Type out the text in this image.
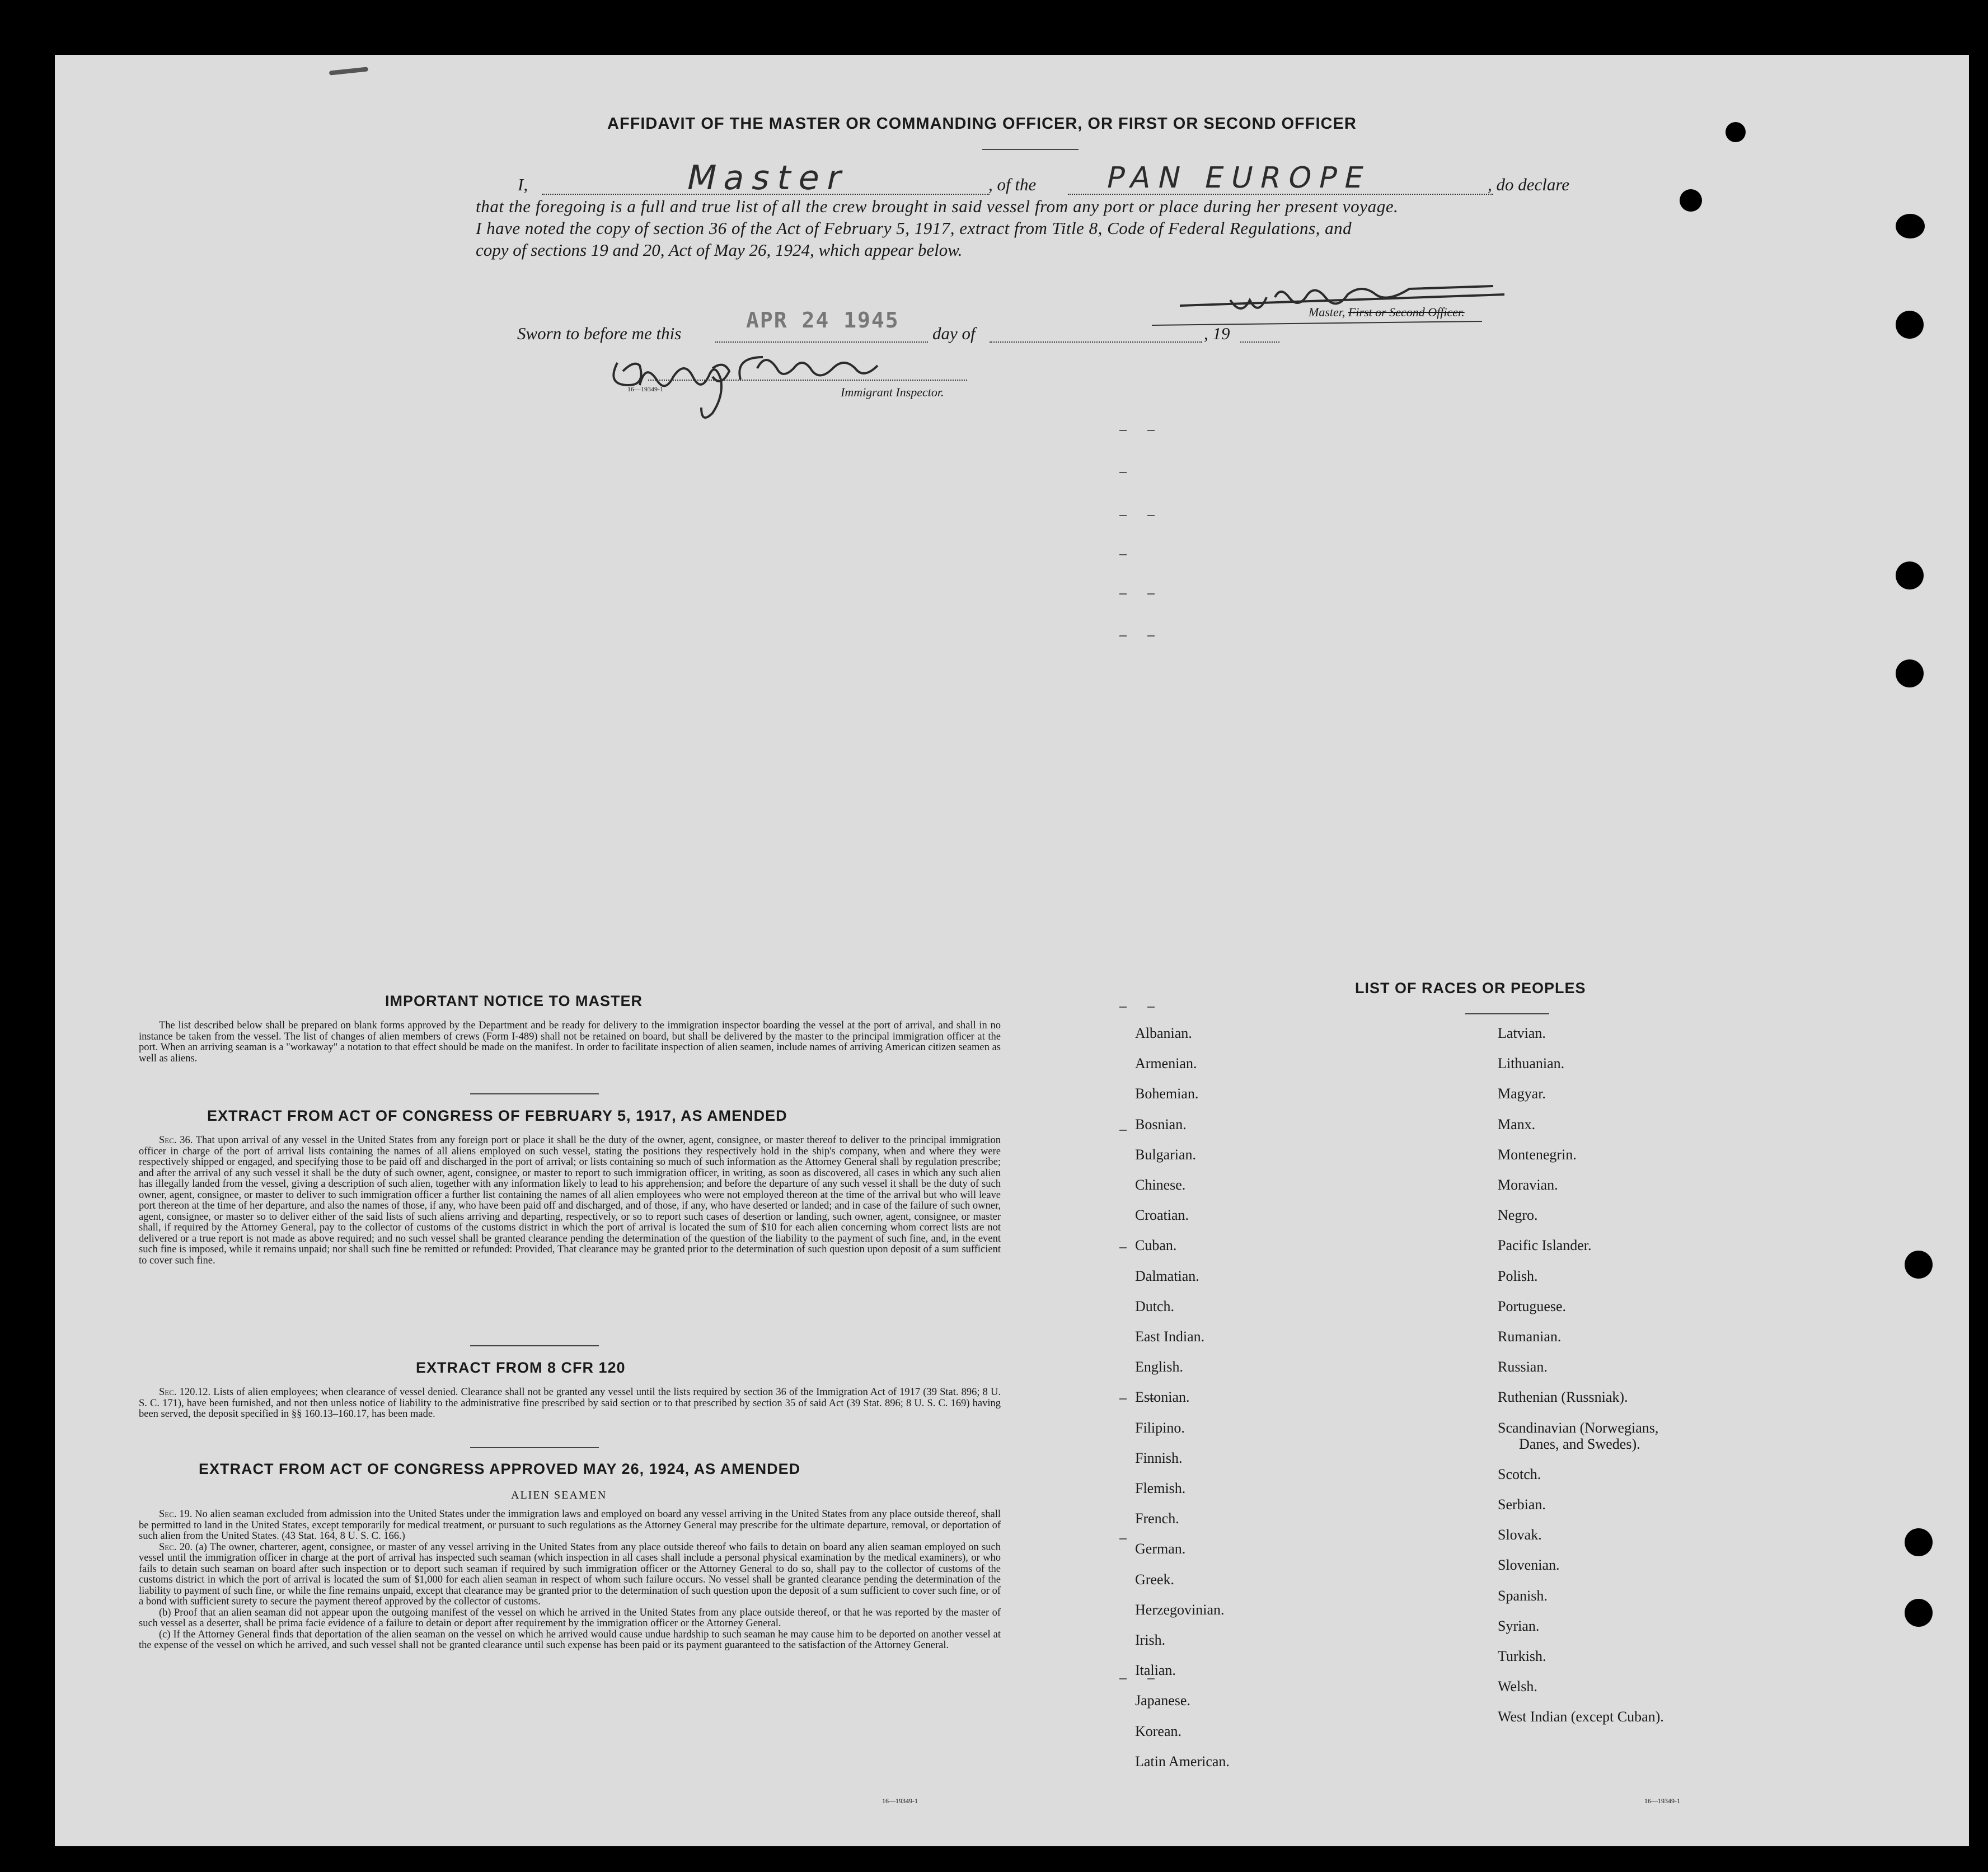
AFFIDAVIT OF THE MASTER OR COMMANDING OFFICER, OR FIRST OR SECOND OFFICER
I,	Master	, of the PAN EUROPE	, do declare
that the foregoing is a full and true list of all the crew brought in said vessel from any port or place during her present voyage.
I have noted the copy of section 36 of the Act of February 5, 1917, extract from Title 8, Code of Federal Regulations, and
copy of sections 19 and 20, Act of May 26, 1924, which appear below.
Master, First or Second Officer.
Sworn to before me this
APR 24 1945
day of	, 19
16—19349-1	Immigrant Inspector.
IMPORTANT NOTICE TO MASTER
The list described below shall be prepared on blank forms approved by the Department and be ready for delivery to the immigration inspector boarding the vessel at the port of arrival, and shall in no instance be taken from the vessel. The list of changes of alien members of crews (Form I-489) shall not be retained on board, but shall be delivered by the master to the principal immigration officer at the port. When an arriving seaman is a "workaway" a notation to that effect should be made on the manifest. In order to facilitate inspection of alien seamen, include names of arriving American citizen seamen as well as aliens.
EXTRACT FROM ACT OF CONGRESS OF FEBRUARY 5, 1917, AS AMENDED
Sec. 36. That upon arrival of any vessel in the United States from any foreign port or place it shall be the duty of the owner, agent, consignee, or master thereof to deliver to the principal immigration officer in charge of the port of arrival lists containing the names of all aliens employed on such vessel, stating the positions they respectively hold in the ship's company, when and where they were respectively shipped or engaged, and specifying those to be paid off and discharged in the port of arrival; or lists containing so much of such information as the Attorney General shall by regulation prescribe; and after the arrival of any such vessel it shall be the duty of such owner, agent, consignee, or master to report to such immigration officer, in writing, as soon as discovered, all cases in which any such alien has illegally landed from the vessel, giving a description of such alien, together with any information likely to lead to his apprehension; and before the departure of any such vessel it shall be the duty of such owner, agent, consignee, or master to deliver to such immigration officer a further list containing the names of all alien employees who were not employed thereon at the time of the arrival but who will leave port thereon at the time of her departure, and also the names of those, if any, who have been paid off and discharged, and of those, if any, who have deserted or landed; and in case of the failure of such owner, agent, consignee, or master so to deliver either of the said lists of such aliens arriving and departing, respectively, or so to report such cases of desertion or landing, such owner, agent, consignee, or master shall, if required by the Attorney General, pay to the collector of customs of the customs district in which the port of arrival is located the sum of $10 for each alien concerning whom correct lists are not delivered or a true report is not made as above required; and no such vessel shall be granted clearance pending the determination of the question of the liability to the payment of such fine, and, in the event such fine is imposed, while it remains unpaid; nor shall such fine be remitted or refunded: Provided, That clearance may be granted prior to the determination of such question upon deposit of a sum sufficient to cover such fine.
EXTRACT FROM 8 CFR 120
Sec. 120.12. Lists of alien employees; when clearance of vessel denied. Clearance shall not be granted any vessel until the lists required by section 36 of the Immigration Act of 1917 (39 Stat. 896; 8 U. S. C. 171), have been furnished, and not then unless notice of liability to the administrative fine prescribed by said section or to that prescribed by section 35 of said Act (39 Stat. 896; 8 U. S. C. 169) having been served, the deposit specified in §§ 160.13–160.17, has been made.
EXTRACT FROM ACT OF CONGRESS APPROVED MAY 26, 1924, AS AMENDED
ALIEN SEAMEN
Sec. 19. No alien seaman excluded from admission into the United States under the immigration laws and employed on board any vessel arriving in the United States from any place outside thereof, shall be permitted to land in the United States, except temporarily for medical treatment, or pursuant to such regulations as the Attorney General may prescribe for the ultimate departure, removal, or deportation of such alien from the United States. (43 Stat. 164, 8 U. S. C. 166.)
Sec. 20. (a) The owner, charterer, agent, consignee, or master of any vessel arriving in the United States from any place outside thereof who fails to detain on board any alien seaman employed on such vessel until the immigration officer in charge at the port of arrival has inspected such seaman (which inspection in all cases shall include a personal physical examination by the medical examiners), or who fails to detain such seaman on board after such inspection or to deport such seaman if required by such immigration officer or the Attorney General to do so, shall pay to the collector of customs of the customs district in which the port of arrival is located the sum of $1,000 for each alien seaman in respect of whom such failure occurs. No vessel shall be granted clearance pending the determination of the liability to payment of such fine, or while the fine remains unpaid, except that clearance may be granted prior to the determination of such question upon the deposit of a sum sufficient to cover such fine, or of a bond with sufficient surety to secure the payment thereof approved by the collector of customs.
(b) Proof that an alien seaman did not appear upon the outgoing manifest of the vessel on which he arrived in the United States from any place outside thereof, or that he was reported by the master of such vessel as a deserter, shall be prima facie evidence of a failure to detain or deport after requirement by the immigration officer or the Attorney General.
(c) If the Attorney General finds that deportation of the alien seaman on the vessel on which he arrived would cause undue hardship to such seaman he may cause him to be deported on another vessel at the expense of the vessel on which he arrived, and such vessel shall not be granted clearance until such expense has been paid or its payment guaranteed to the satisfaction of the Attorney General.
16—19349-1
LIST OF RACES OR PEOPLES
Albanian.
Armenian.
Bohemian.
Bosnian.
Bulgarian.
Chinese.
Croatian.
Cuban.
Dalmatian.
Dutch.
East Indian.
English.
Estonian.
Filipino.
Finnish.
Flemish.
French.
German.
Greek.
Herzegovinian.
Irish.
Italian.
Japanese.
Korean.
Latin American.
Latvian.
Lithuanian.
Magyar.
Manx.
Montenegrin.
Moravian.
Negro.
Pacific Islander.
Polish.
Portuguese.
Rumanian.
Russian.
Ruthenian (Russniak).
Scandinavian (Norwegians,
Danes, and Swedes).
Scotch.
Serbian.
Slovak.
Slovenian.
Spanish.
Syrian.
Turkish.
Welsh.
West Indian (except Cuban).
16—19349-1
